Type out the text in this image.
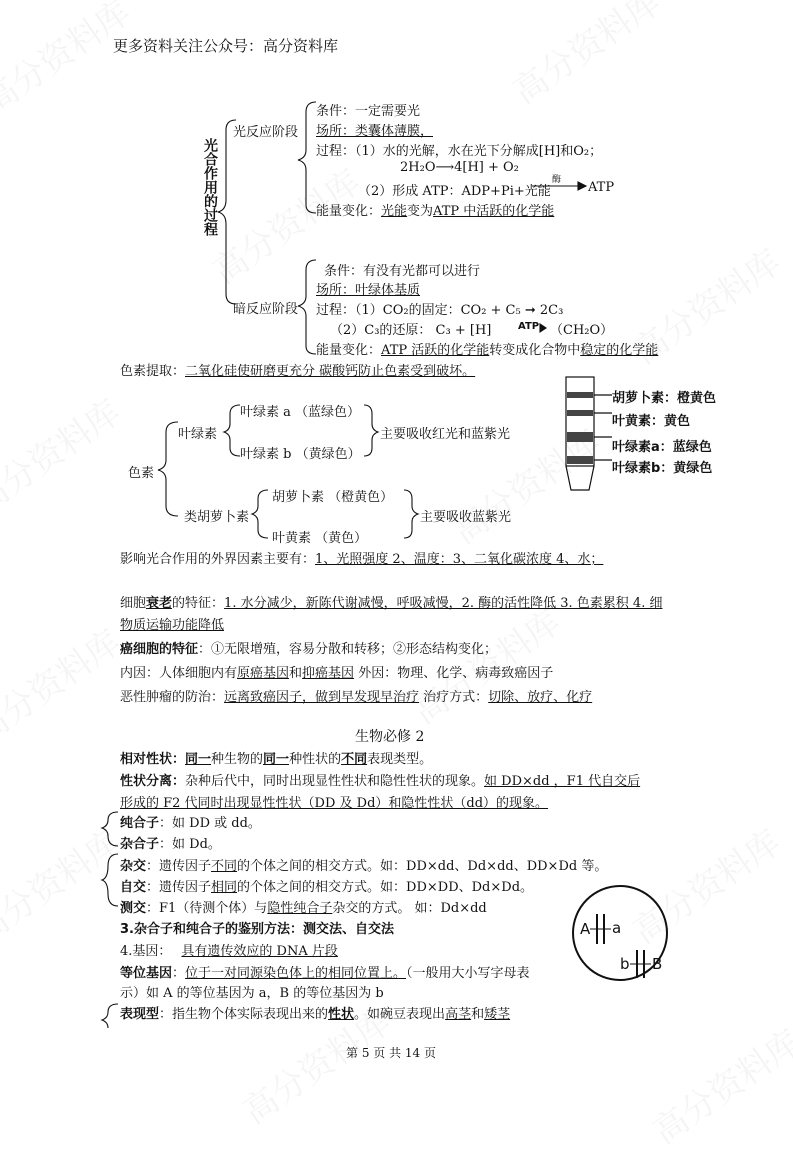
更多资料关注公众号：高分资料库
光合作用的过程
光反应阶段
条件：一定需要光
场所：类囊体薄膜，
过程：（1）水的光解，水在光下分解成[H]和O₂；
2H₂O⟶4[H] + O₂
（2）形成 ATP：ADP+Pi+光能
酶 ATP
能量变化：光能变为ATP 中活跃的化学能
暗反应阶段
条件：有没有光都可以进行
场所：叶绿体基质
过程：（1）CO₂的固定：CO₂ + C₅ ➞ 2C₃
（2）C₃的还原： C₃ + [H]	ATP （CH₂O）
能量变化：ATP 活跃的化学能转变成化合物中稳定的化学能
色素提取：二氧化硅使研磨更充分 碳酸钙防止色素受到破坏。
色素
叶绿素
叶绿素 a （蓝绿色）
叶绿素 b （黄绿色）
主要吸收红光和蓝紫光
类胡萝卜素
胡萝卜素 （橙黄色）
叶黄素 （黄色）
主要吸收蓝紫光
胡萝卜素：橙黄色
叶黄素：黄色
叶绿素a：蓝绿色
叶绿素b：黄绿色
影响光合作用的外界因素主要有：1、光照强度 2、温度：3、二氧化碳浓度 4、水；
细胞衰老的特征：1. 水分减少，新陈代谢减慢，呼吸减慢，2. 酶的活性降低 3. 色素累积 4. 细
物质运输功能降低
癌细胞的特征：①无限增殖，容易分散和转移；②形态结构变化；
内因：人体细胞内有原癌基因和抑癌基因 外因：物理、化学、病毒致癌因子
恶性肿瘤的防治：远离致癌因子，做到早发现早治疗 治疗方式：切除、放疗、化疗
生物必修 2
相对性状：同一种生物的同一种性状的不同表现类型。
性状分离：杂种后代中，同时出现显性性状和隐性性状的现象。如 DD×dd ，F1 代自交后
形成的 F2 代同时出现显性性状（DD 及 Dd）和隐性性状（dd）的现象。
纯合子：如 DD 或 dd。
杂合子：如 Dd。
杂交：遗传因子不同的个体之间的相交方式。如：DD×dd、Dd×dd、DD×Dd 等。
自交：遗传因子相同的个体之间的相交方式。如：DD×DD、Dd×Dd。
测交：F1（待测个体）与隐性纯合子杂交的方式。 如：Dd×dd
3.杂合子和纯合子的鉴别方法：测交法、自交法
4.基因： 具有遗传效应的 DNA 片段
等位基因：位于一对同源染色体上的相同位置上。（一般用大小写字母表
示）如 A 的等位基因为 a，B 的等位基因为 b
表现型：指生物个体实际表现出来的性状。如碗豆表现出高茎和矮茎
A a
b B
第 5 页 共 14 页
